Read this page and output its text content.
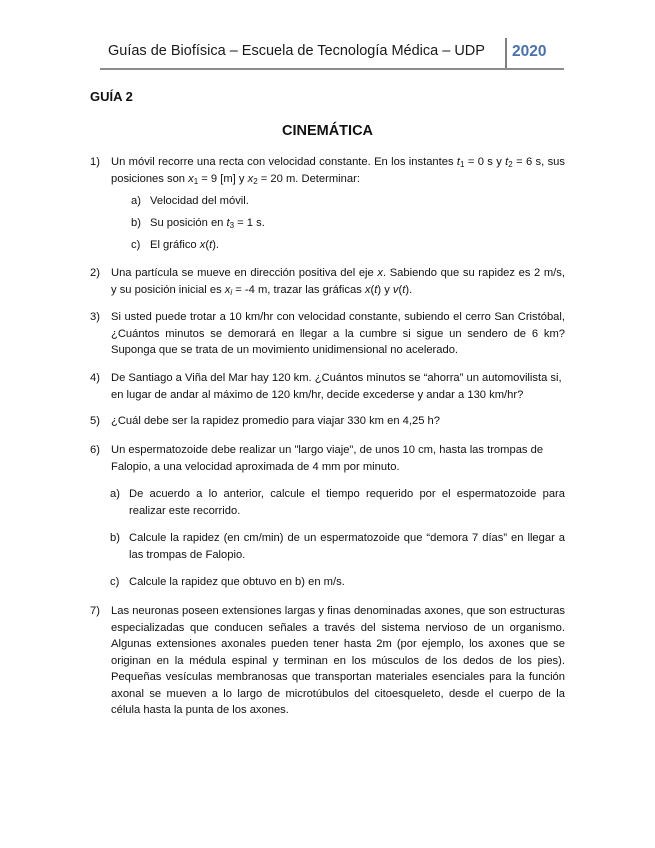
Guías de Biofísica – Escuela de Tecnología Médica – UDP 2020
GUÍA 2
CINEMÁTICA
1) Un móvil recorre una recta con velocidad constante. En los instantes $t_1 = 0$ s y $t_2 = 6$ s, sus posiciones son $x_1 = 9$ [m] y $x_2 = 20$ m. Determinar:
a) Velocidad del móvil.
b) Su posición en $t_3 = 1$ s.
c) El gráfico x(t).
2) Una partícula se mueve en dirección positiva del eje x. Sabiendo que su rapidez es 2 m/s, y su posición inicial es $x_i = -4$ m, trazar las gráficas x(t) y v(t).
3) Si usted puede trotar a 10 km/hr con velocidad constante, subiendo el cerro San Cristóbal, ¿Cuántos minutos se demorará en llegar a la cumbre si sigue un sendero de 6 km? Suponga que se trata de un movimiento unidimensional no acelerado.
4) De Santiago a Viña del Mar hay 120 km. ¿Cuántos minutos se “ahorra” un automovilista si, en lugar de andar al máximo de 120 km/hr, decide excederse y andar a 130 km/hr?
5) ¿Cuál debe ser la rapidez promedio para viajar 330 km en 4,25 h?
6) Un espermatozoide debe realizar un "largo viaje", de unos 10 cm, hasta las trompas de Falopio, a una velocidad aproximada de 4 mm por minuto.
a) De acuerdo a lo anterior, calcule el tiempo requerido por el espermatozoide para realizar este recorrido.
b) Calcule la rapidez (en cm/min) de un espermatozoide que “demora 7 días” en llegar a las trompas de Falopio.
c) Calcule la rapidez que obtuvo en b) en m/s.
7) Las neuronas poseen extensiones largas y finas denominadas axones, que son estructuras especializadas que conducen señales a través del sistema nervioso de un organismo. Algunas extensiones axonales pueden tener hasta 2m (por ejemplo, los axones que se originan en la médula espinal y terminan en los músculos de los dedos de los pies). Pequeñas vesículas membranosas que transportan materiales esenciales para la función axonal se mueven a lo largo de microtúbulos del citoesqueleto, desde el cuerpo de la célula hasta la punta de los axones.
